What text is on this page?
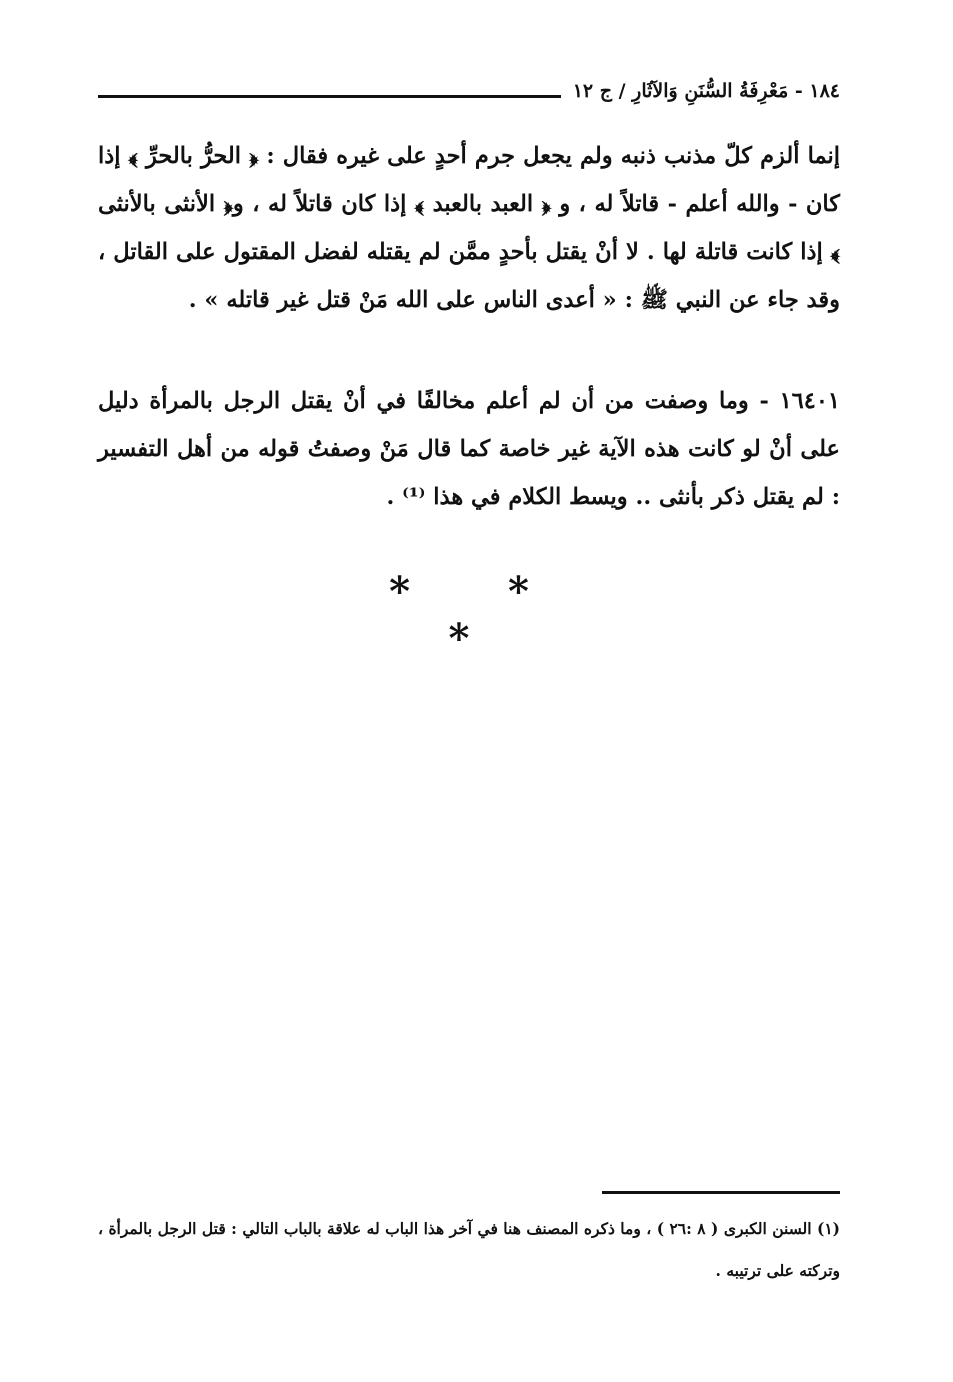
١٨٤ - مَعْرِفَةُ السُّنَنِ وَالآثَارِ / ج ١٢

إنما ألزم كلّ مذنب ذنبه ولم يجعل جرم أحدٍ على غيره فقال : ﴿ الحرُّ بالحرِّ ﴾ إذا كان - والله أعلم - قاتلاً له ، و ﴿ العبد بالعبد ﴾ إذا كان قاتلاً له ، و﴿ الأنثى بالأنثى ﴾ إذا كانت قاتلة لها . لا أنْ يقتل بأحدٍ ممَّن لم يقتله لفضل المقتول على القاتل ، وقد جاء عن النبي ﷺ : « أعدى الناس على الله مَنْ قتل غير قاتله » .

١٦٤٠١ - وما وصفت من أن لم أعلم مخالفًا في أنْ يقتل الرجل بالمرأة دليل على أنْ لو كانت هذه الآية غير خاصة كما قال مَنْ وصفتُ قوله من أهل التفسير : لم يقتل ذكر بأنثى .. ويسط الكلام في هذا ⁽¹⁾ .

* * *

(١) السنن الكبرى ( ٨ :٢٦ ) ، وما ذكره المصنف هنا في آخر هذا الباب له علاقة بالباب التالي : قتل الرجل بالمرأة ، وتركته على ترتيبه .
